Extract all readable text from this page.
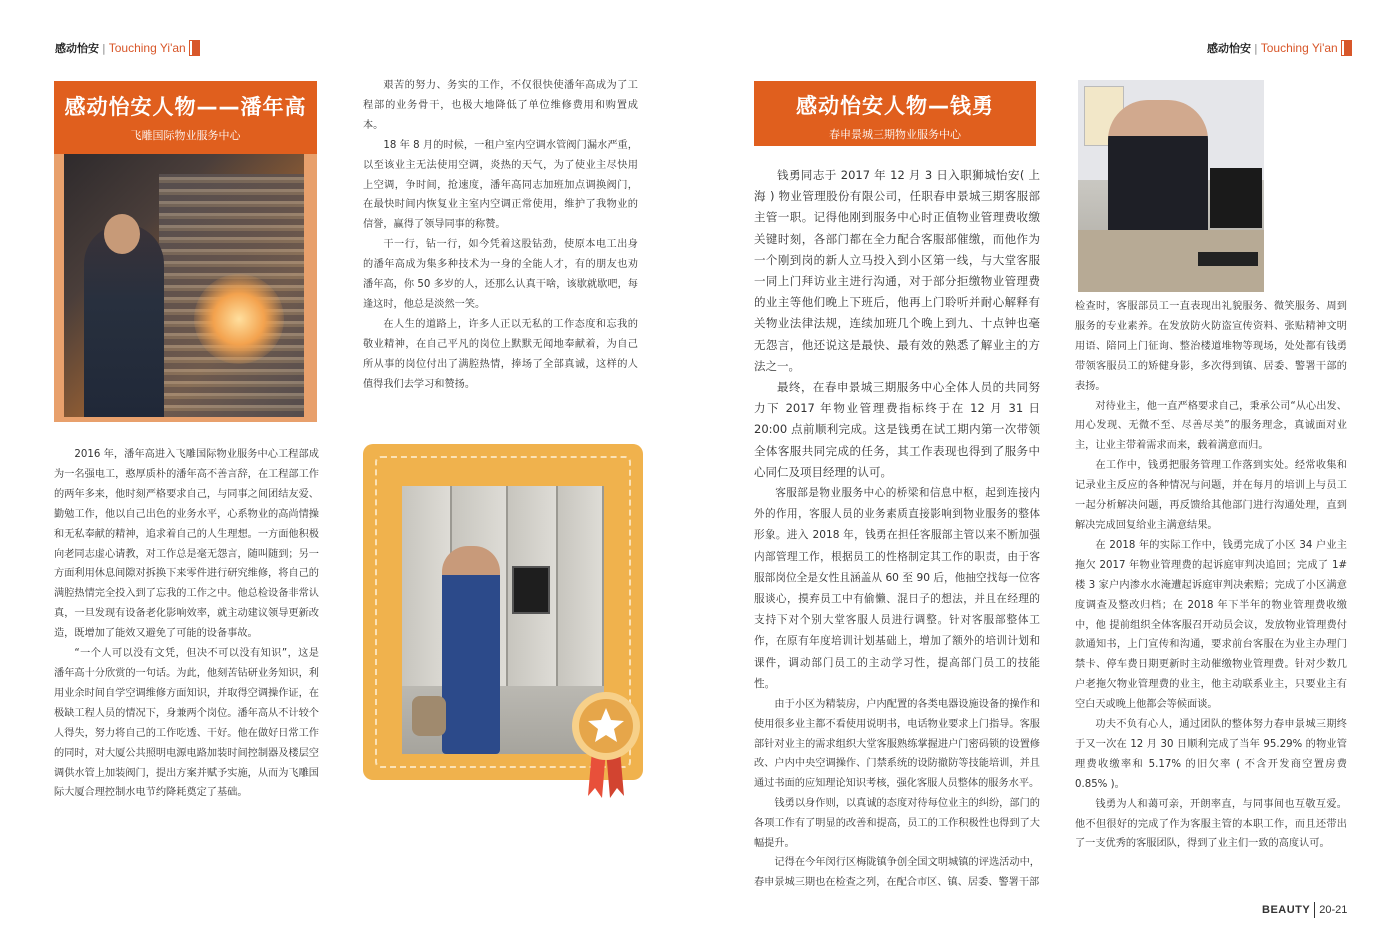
感动怡安 | Touching Yi'an	感动怡安 | Touching Yi'an
感动怡安人物——潘年高
飞雕国际物业服务中心

2016 年，潘年高进入飞雕国际物业服务中心工程部成为一名强电工，憨厚质朴的潘年高不善言辞，在工程部工作的两年多来，他时刻严格要求自己，与同事之间团结友爱、勤勉工作，他以自己出色的业务水平，心系物业的高尚情操和无私奉献的精神，追求着自己的人生理想。一方面他积极向老同志虚心请教，对工作总是毫无怨言，随叫随到；另一方面利用休息间隙对拆换下来零件进行研究维修，将自己的满腔热情完全投入到了忘我的工作之中。他总检设备非常认真，一旦发现有设备老化影响效率，就主动建议领导更新改造，既增加了能效又避免了可能的设备事故。

“一个人可以没有文凭，但决不可以没有知识”，这是潘年高十分欣赏的一句话。为此，他刻苦钻研业务知识，利用业余时间自学空调维修方面知识，并取得空调操作证，在极缺工程人员的情况下，身兼两个岗位。潘年高从不计较个人得失，努力将自己的工作吃透、干好。他在做好日常工作的同时，对大厦公共照明电源电路加装时间控制器及楼层空调供水管上加装阀门，提出方案并赋予实施，从而为飞雕国际大厦合理控制水电节约降耗奠定了基础。

艰苦的努力、务实的工作，不仅很快使潘年高成为了工程部的业务骨干，也极大地降低了单位维修费用和购置成本。

18 年 8 月的时候，一租户室内空调水管阀门漏水严重，以至该业主无法使用空调，炎热的天气，为了使业主尽快用上空调，争时间，抢速度，潘年高同志加班加点调换阀门，在最快时间内恢复业主室内空调正常使用，维护了我物业的信誉，赢得了领导同事的称赞。

干一行，钻一行，如今凭着这股钻劲，使原本电工出身的潘年高成为集多种技术为一身的全能人才，有的朋友也劝潘年高，你 50 多岁的人，还那么认真干啥，该歇就歇吧，每逢这时，他总是淡然一笑。

在人生的道路上，许多人正以无私的工作态度和忘我的敬业精神，在自己平凡的岗位上默默无闻地奉献着，为自己所从事的岗位付出了满腔热情，捧场了全部真诚，这样的人值得我们去学习和赞扬。

感动怡安人物—钱勇
春申景城三期物业服务中心

钱勇同志于 2017 年 12 月 3 日入职狮城怡安( 上海 ) 物业管理股份有限公司，任职春申景城三期客服部主管一职。记得他刚到服务中心时正值物业管理费收缴关键时刻，各部门都在全力配合客服部催缴，而他作为一个刚到岗的新人立马投入到小区第一线，与大堂客服一同上门拜访业主进行沟通，对于部分拒缴物业管理费的业主等他们晚上下班后，他再上门聆听并耐心解释有关物业法律法规，连续加班几个晚上到九、十点钟也毫无怨言，他还说这是最快、最有效的熟悉了解业主的方法之一。

最终，在春申景城三期服务中心全体人员的共同努力下 2017 年物业管理费指标终于在 12 月 31 日 20:00 点前顺利完成。这是钱勇在试工期内第一次带领全体客服共同完成的任务，其工作表现也得到了服务中心同仁及项目经理的认可。

客服部是物业服务中心的桥梁和信息中枢，起到连接内外的作用，客服人员的业务素质直接影响到物业服务的整体形象。进入 2018 年，钱勇在担任客服部主管以来不断加强内部管理工作，根据员工的性格制定其工作的职责，由于客服部岗位全是女性且涵盖从 60 至 90 后，他抽空找每一位客服谈心，摸弃员工中有偷懒、混日子的想法，并且在经理的支持下对个别大堂客服人员进行调整。针对客服部整体工作，在原有年度培训计划基础上，增加了额外的培训计划和课件，调动部门员工的主动学习性，提高部门员工的技能性。

由于小区为精装房，户内配置的各类电器设施设备的操作和使用很多业主都不看使用说明书，电话物业要求上门指导。客服部针对业主的需求组织大堂客服熟练掌握进户门密码锁的设置修改、户内中央空调操作、门禁系统的设防撤防等技能培训，并且通过书面的应知理论知识考核，强化客服人员整体的服务水平。

钱勇以身作则，以真诚的态度对待每位业主的纠纷，部门的各项工作有了明显的改善和提高，员工的工作积极性也得到了大幅提升。

记得在今年闵行区梅陇镇争创全国文明城镇的评选活动中，春申景城三期也在检查之列，在配合市区、镇、居委、警署干部

检查时，客服部员工一直表现出礼貌服务、微笑服务、周到服务的专业素养。在发放防火防盗宣传资料、张贴精神文明用语、陪同上门征询、整治楼道堆物等现场，处处都有钱勇带领客服员工的矫健身影，多次得到镇、居委、警署干部的表扬。

对待业主，他一直严格要求自己，秉承公司“从心出发、用心发现、无微不至、尽善尽美”的服务理念，真诚面对业主，让业主带着需求而来，载着满意而归。

在工作中，钱勇把服务管理工作落到实处。经常收集和记录业主反应的各种情况与问题，并在每月的培训上与员工一起分析解决问题，再反馈给其他部门进行沟通处理，直到解决完成回复给业主满意结果。

在 2018 年的实际工作中，钱勇完成了小区 34 户业主拖欠 2017 年物业管理费的起诉庭审判决追回；完成了 1# 楼 3 家户内渗水水淹遭起诉庭审判决索赔；完成了小区满意度调查及整改归档；在 2018 年下半年的物业管理费收缴中，他 提前组织全体客服召开动员会议，发放物业管理费付款通知书，上门宣传和沟通，要求前台客服在为业主办理门禁卡、停车费日期更新时主动催缴物业管理费。针对少数几户老拖欠物业管理费的业主，他主动联系业主，只要业主有空白天或晚上他都会等候面谈。

功夫不负有心人，通过团队的整体努力春申景城三期终于又一次在 12 月 30 日顺利完成了当年 95.29% 的物业管理费收缴率和 5.17% 的旧欠率 ( 不含开发商空置房费 0.85% )。

钱勇为人和蔼可亲，开朗率直，与同事间也互敬互爱。他不但很好的完成了作为客服主管的本职工作，而且还带出了一支优秀的客服团队，得到了业主们一致的高度认可。

BEAUTY 20-21
